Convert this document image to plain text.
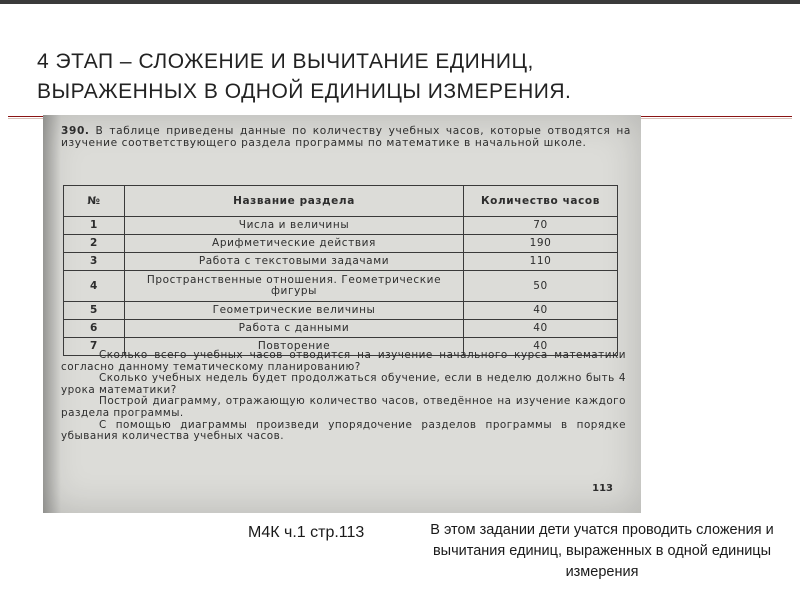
4 ЭТАП – СЛОЖЕНИЕ И ВЫЧИТАНИЕ ЕДИНИЦ,
ВЫРАЖЕННЫХ В ОДНОЙ ЕДИНИЦЫ ИЗМЕРЕНИЯ.
390. В таблице приведены данные по количеству учебных часов, которые отводятся на изучение соответствующего раздела программы по математике в начальной школе.
№	Название раздела	Количество часов
1	Числа и величины	70
2	Арифметические действия	190
3	Работа с текстовыми задачами	110
4	Пространственные отношения. Геометрические фигуры	50
5	Геометрические величины	40
6	Работа с данными	40
7	Повторение	40

Сколько всего учебных часов отводится на изучение начального курса математики согласно данному тематическому планированию?

Сколько учебных недель будет продолжаться обучение, если в неделю должно быть 4 урока математики?

Построй диаграмму, отражающую количество часов, отведённое на изучение каждого раздела программы.

С помощью диаграммы произведи упорядочение разделов программы в порядке убывания количества учебных часов.

113
М4К ч.1 стр.113	В этом задании дети учатся проводить сложения и вычитания единиц, выраженных в одной единицы измерения
